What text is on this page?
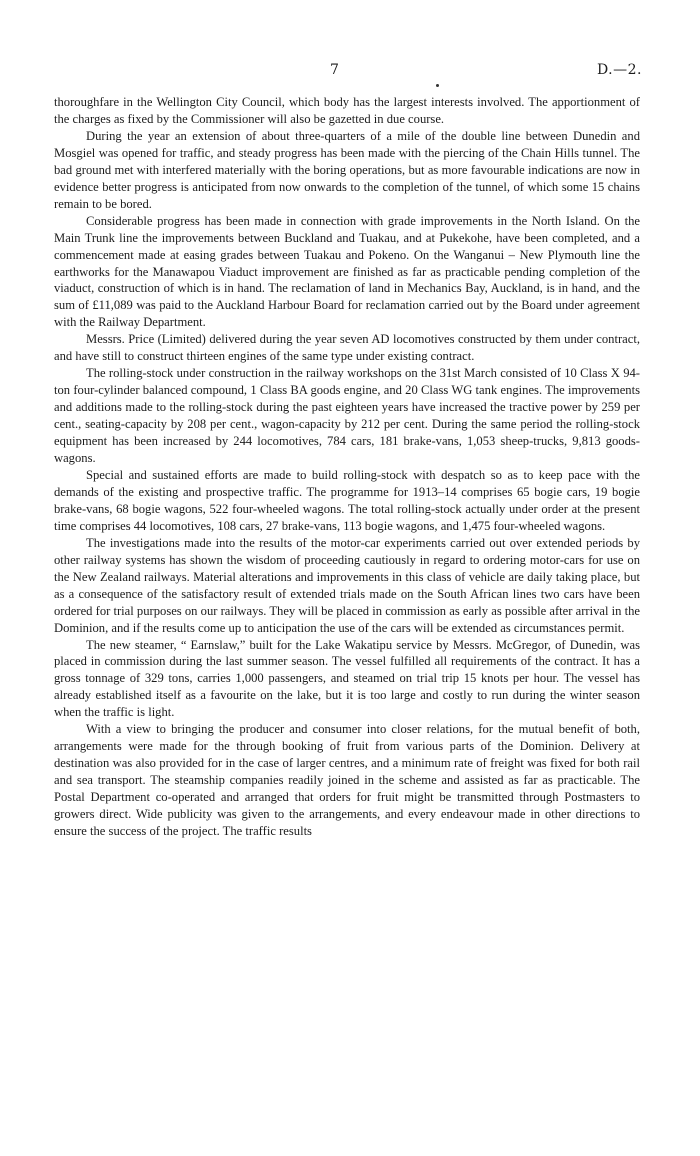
7	D.—2.

thoroughfare in the Wellington City Council, which body has the largest interests involved. The apportionment of the charges as fixed by the Commissioner will also be gazetted in due course.

During the year an extension of about three-quarters of a mile of the double line between Dunedin and Mosgiel was opened for traffic, and steady progress has been made with the piercing of the Chain Hills tunnel. The bad ground met with interfered materially with the boring operations, but as more favourable indications are now in evidence better progress is anticipated from now onwards to the completion of the tunnel, of which some 15 chains remain to be bored.

Considerable progress has been made in connection with grade improvements in the North Island. On the Main Trunk line the improvements between Buckland and Tuakau, and at Pukekohe, have been completed, and a commencement made at easing grades between Tuakau and Pokeno. On the Wanganui – New Plymouth line the earthworks for the Manawapou Viaduct improvement are finished as far as practicable pending completion of the viaduct, construction of which is in hand. The reclamation of land in Mechanics Bay, Auckland, is in hand, and the sum of £11,089 was paid to the Auckland Harbour Board for reclamation carried out by the Board under agreement with the Railway Department.

Messrs. Price (Limited) delivered during the year seven AD locomotives constructed by them under contract, and have still to construct thirteen engines of the same type under existing contract.

The rolling-stock under construction in the railway workshops on the 31st March consisted of 10 Class X 94-ton four-cylinder balanced compound, 1 Class BA goods engine, and 20 Class WG tank engines. The improvements and additions made to the rolling-stock during the past eighteen years have increased the tractive power by 259 per cent., seating-capacity by 208 per cent., wagon-capacity by 212 per cent. During the same period the rolling-stock equipment has been increased by 244 locomotives, 784 cars, 181 brake-vans, 1,053 sheep-trucks, 9,813 goods-wagons.

Special and sustained efforts are made to build rolling-stock with despatch so as to keep pace with the demands of the existing and prospective traffic. The programme for 1913–14 comprises 65 bogie cars, 19 bogie brake-vans, 68 bogie wagons, 522 four-wheeled wagons. The total rolling-stock actually under order at the present time comprises 44 locomotives, 108 cars, 27 brake-vans, 113 bogie wagons, and 1,475 four-wheeled wagons.

The investigations made into the results of the motor-car experiments carried out over extended periods by other railway systems has shown the wisdom of proceeding cautiously in regard to ordering motor-cars for use on the New Zealand railways. Material alterations and improvements in this class of vehicle are daily taking place, but as a consequence of the satisfactory result of extended trials made on the South African lines two cars have been ordered for trial purposes on our railways. They will be placed in commission as early as possible after arrival in the Dominion, and if the results come up to anticipation the use of the cars will be extended as circumstances permit.

The new steamer, “ Earnslaw,” built for the Lake Wakatipu service by Messrs. McGregor, of Dunedin, was placed in commission during the last summer season. The vessel fulfilled all requirements of the contract. It has a gross tonnage of 329 tons, carries 1,000 passengers, and steamed on trial trip 15 knots per hour. The vessel has already established itself as a favourite on the lake, but it is too large and costly to run during the winter season when the traffic is light.

With a view to bringing the producer and consumer into closer relations, for the mutual benefit of both, arrangements were made for the through booking of fruit from various parts of the Dominion. Delivery at destination was also provided for in the case of larger centres, and a minimum rate of freight was fixed for both rail and sea transport. The steamship companies readily joined in the scheme and assisted as far as practicable. The Postal Department co-operated and arranged that orders for fruit might be transmitted through Postmasters to growers direct. Wide publicity was given to the arrangements, and every endeavour made in other directions to ensure the success of the project. The traffic results
